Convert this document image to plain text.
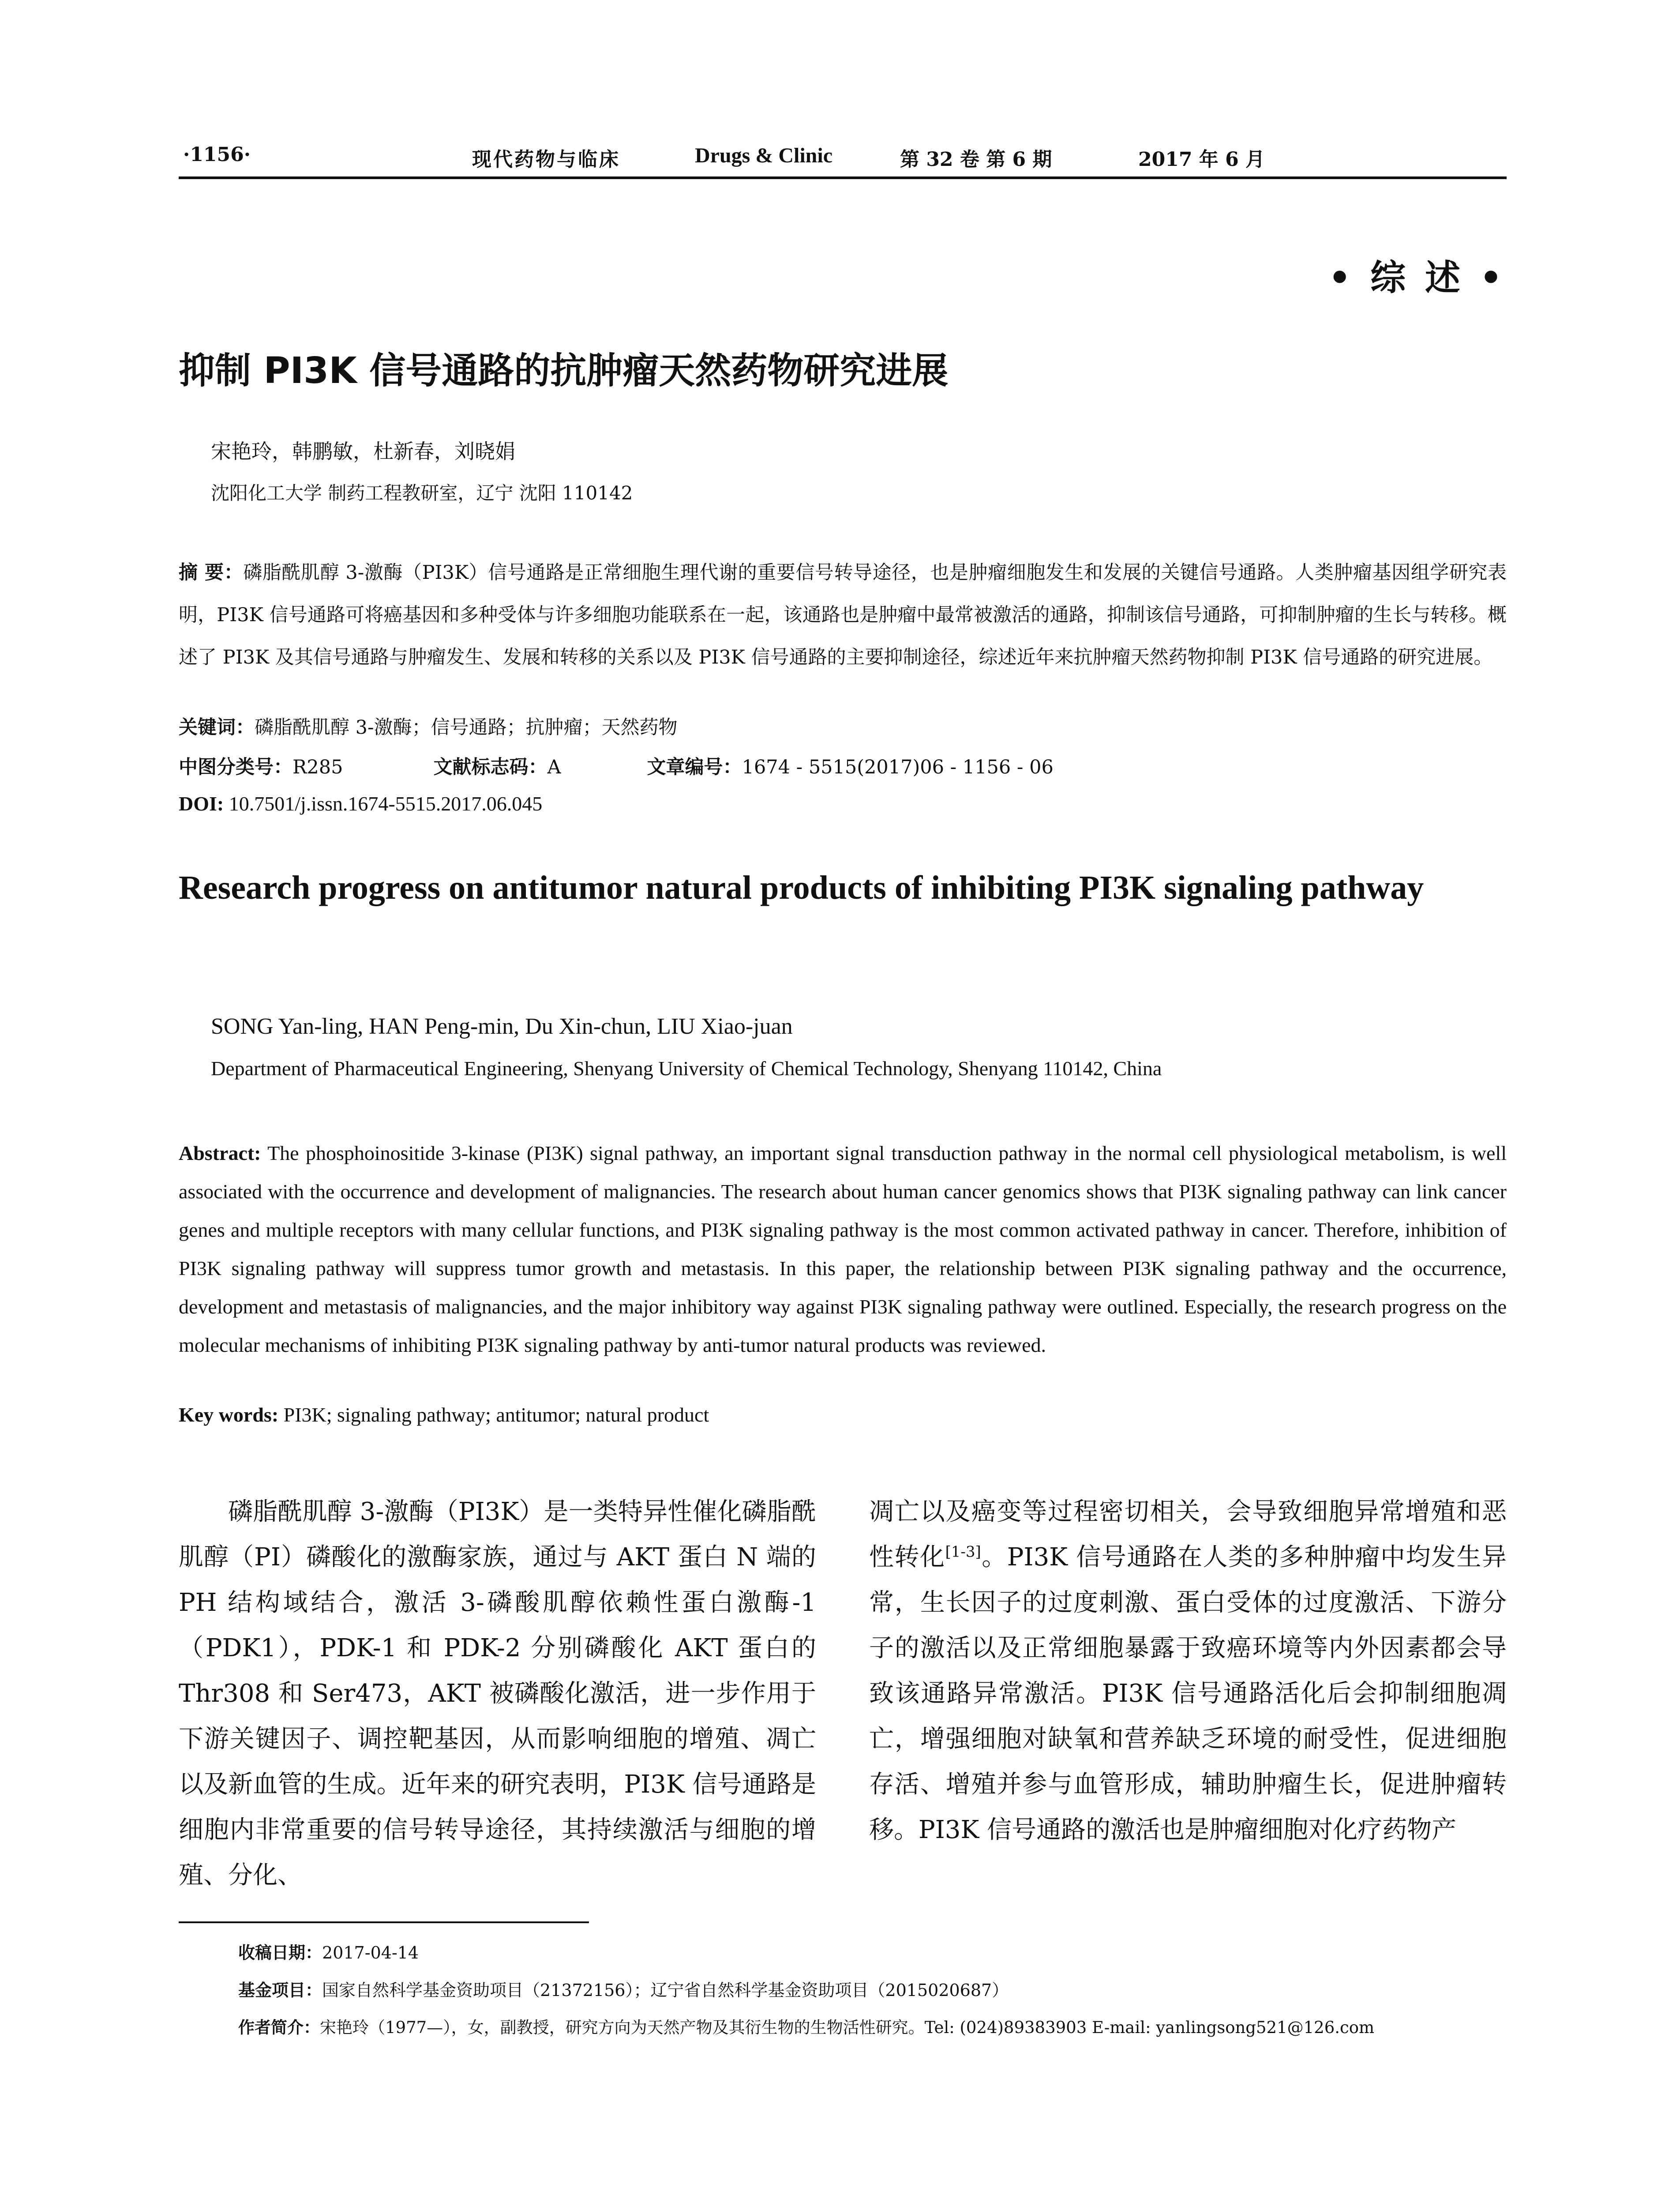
·1156·	现代药物与临床	Drugs & Clinic	第 32 卷 第 6 期	2017 年 6 月
• 综 述 •
抑制 PI3K 信号通路的抗肿瘤天然药物研究进展
宋艳玲，韩鹏敏，杜新春，刘晓娟
沈阳化工大学 制药工程教研室，辽宁 沈阳 110142
摘 要：磷脂酰肌醇 3-激酶（PI3K）信号通路是正常细胞生理代谢的重要信号转导途径，也是肿瘤细胞发生和发展的关键信号通路。人类肿瘤基因组学研究表明，PI3K 信号通路可将癌基因和多种受体与许多细胞功能联系在一起，该通路也是肿瘤中最常被激活的通路，抑制该信号通路，可抑制肿瘤的生长与转移。概述了 PI3K 及其信号通路与肿瘤发生、发展和转移的关系以及 PI3K 信号通路的主要抑制途径，综述近年来抗肿瘤天然药物抑制 PI3K 信号通路的研究进展。
关键词：磷脂酰肌醇 3-激酶；信号通路；抗肿瘤；天然药物
中图分类号：R285	文献标志码：A	文章编号：1674 - 5515(2017)06 - 1156 - 06
DOI: 10.7501/j.issn.1674-5515.2017.06.045
Research progress on antitumor natural products of inhibiting PI3K signaling pathway
SONG Yan-ling, HAN Peng-min, Du Xin-chun, LIU Xiao-juan
Department of Pharmaceutical Engineering, Shenyang University of Chemical Technology, Shenyang 110142, China
Abstract: The phosphoinositide 3-kinase (PI3K) signal pathway, an important signal transduction pathway in the normal cell physiological metabolism, is well associated with the occurrence and development of malignancies. The research about human cancer genomics shows that PI3K signaling pathway can link cancer genes and multiple receptors with many cellular functions, and PI3K signaling pathway is the most common activated pathway in cancer. Therefore, inhibition of PI3K signaling pathway will suppress tumor growth and metastasis. In this paper, the relationship between PI3K signaling pathway and the occurrence, development and metastasis of malignancies, and the major inhibitory way against PI3K signaling pathway were outlined. Especially, the research progress on the molecular mechanisms of inhibiting PI3K signaling pathway by anti-tumor natural products was reviewed.
Key words: PI3K; signaling pathway; antitumor; natural product
磷脂酰肌醇 3-激酶（PI3K）是一类特异性催化磷脂酰肌醇（PI）磷酸化的激酶家族，通过与 AKT 蛋白 N 端的 PH 结构域结合，激活 3-磷酸肌醇依赖性蛋白激酶-1（PDK1），PDK-1 和 PDK-2 分别磷酸化 AKT 蛋白的 Thr308 和 Ser473，AKT 被磷酸化激活，进一步作用于下游关键因子、调控靶基因，从而影响细胞的增殖、凋亡以及新血管的生成。近年来的研究表明，PI3K 信号通路是细胞内非常重要的信号转导途径，其持续激活与细胞的增殖、分化、
凋亡以及癌变等过程密切相关，会导致细胞异常增殖和恶性转化[1-3]。PI3K 信号通路在人类的多种肿瘤中均发生异常，生长因子的过度刺激、蛋白受体的过度激活、下游分子的激活以及正常细胞暴露于致癌环境等内外因素都会导致该通路异常激活。PI3K 信号通路活化后会抑制细胞凋亡，增强细胞对缺氧和营养缺乏环境的耐受性，促进细胞存活、增殖并参与血管形成，辅助肿瘤生长，促进肿瘤转移。PI3K 信号通路的激活也是肿瘤细胞对化疗药物产
收稿日期：2017-04-14
基金项目：国家自然科学基金资助项目（21372156）；辽宁省自然科学基金资助项目（2015020687）
作者简介：宋艳玲（1977—），女，副教授，研究方向为天然产物及其衍生物的生物活性研究。Tel: (024)89383903 E-mail: yanlingsong521@126.com
